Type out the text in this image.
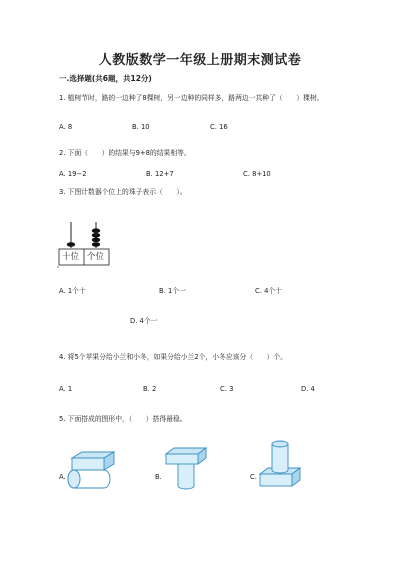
人教版数学一年级上册期末测试卷
一.选择题(共6题，共12分)
1. 植树节时，路的一边种了8棵树，另一边种的同样多，路两边一共种了（　　）棵树。
A. 8	B. 10	C. 16
2. 下面（　　）的结果与9+8的结果相等。
A. 19−2	B. 12+7	C. 8+10
3. 下图计数器个位上的珠子表示（　　）。
十位 个位
A. 1个十	B. 1个一	C. 4个十
D. 4个一
4. 将5个苹果分给小兰和小冬，如果分给小兰2个，小冬应该分（　　）个。
A. 1	B. 2	C. 3	D. 4
5. 下面搭成的图形中，（　　）搭得最稳。
A.	B.	C.
